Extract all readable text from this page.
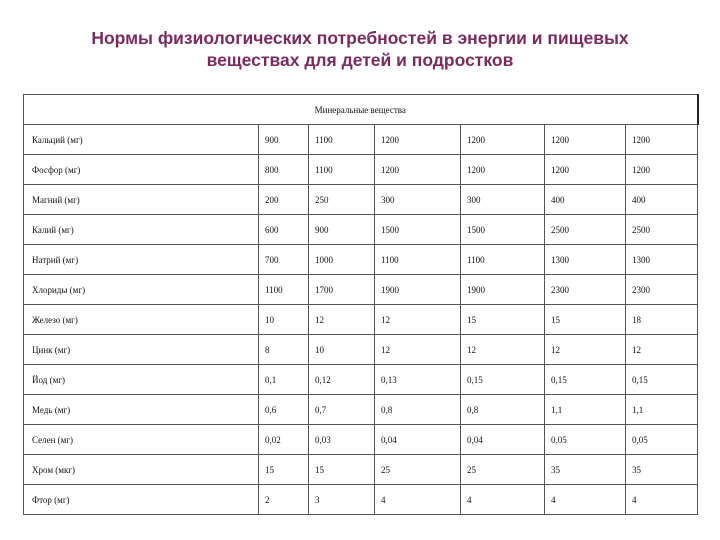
Нормы физиологических потребностей в энергии и пищевых
веществах для детей и подростков
Минеральные вещества						
Кальций (мг)	900	1100	1200	1200	1200	1200
Фосфор (мг)	800	1100	1200	1200	1200	1200
Магний (мг)	200	250	300	300	400	400
Калий (мг)	600	900	1500	1500	2500	2500
Натрий (мг)	700	1000	1100	1100	1300	1300
Хлориды (мг)	1100	1700	1900	1900	2300	2300
Железо (мг)	10	12	12	15	15	18
Цинк (мг)	8	10	12	12	12	12
Йод (мг)	0,1	0,12	0,13	0,15	0,15	0,15
Медь (мг)	0,6	0,7	0,8	0,8	1,1	1,1
Селен (мг)	0,02	0,03	0,04	0,04	0,05	0,05
Хром (мкг)	15	15	25	25	35	35
Фтор (мг)	2	3	4	4	4	4
